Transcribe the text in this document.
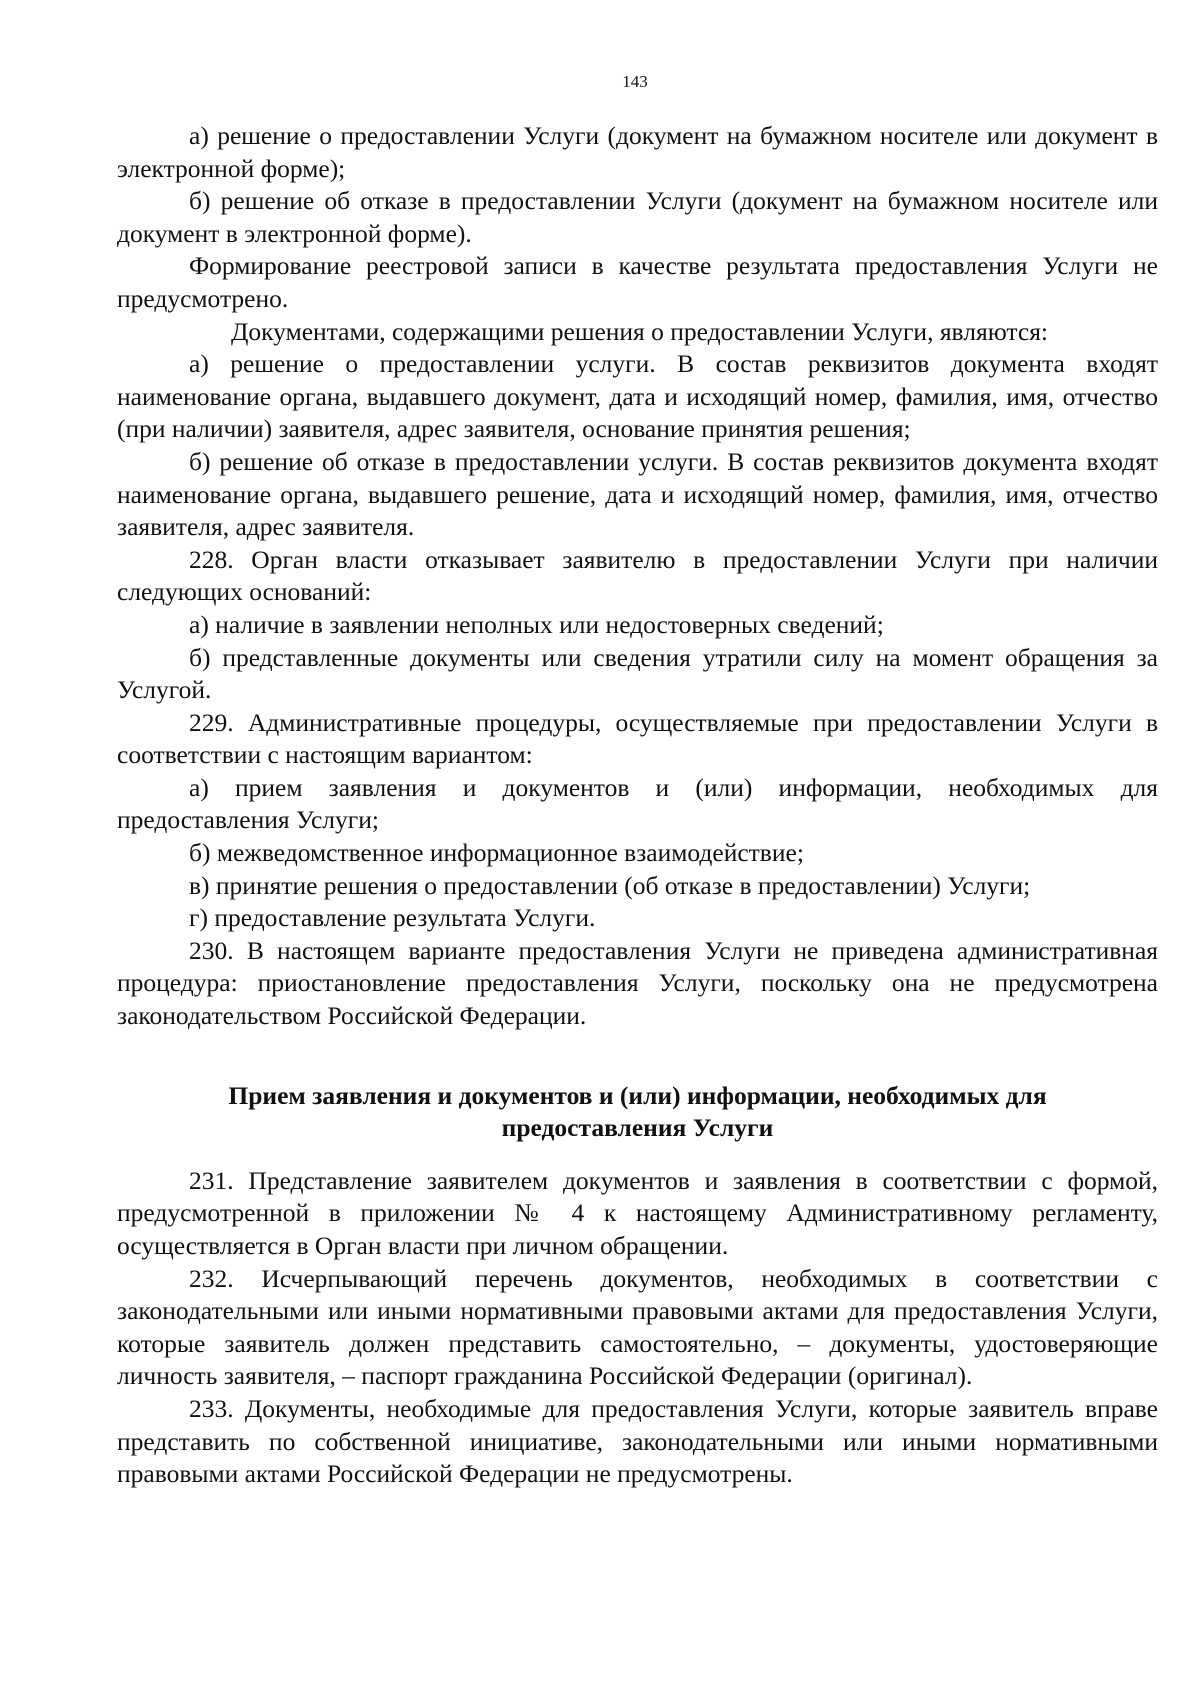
143

а) решение о предоставлении Услуги (документ на бумажном носителе или документ в электронной форме);

б) решение об отказе в предоставлении Услуги (документ на бумажном носителе или документ в электронной форме).

Формирование реестровой записи в качестве результата предоставления Услуги не предусмотрено.

Документами, содержащими решения о предоставлении Услуги, являются:

а) решение о предоставлении услуги. В состав реквизитов документа входят наименование органа, выдавшего документ, дата и исходящий номер, фамилия, имя, отчество (при наличии) заявителя, адрес заявителя, основание принятия решения;

б) решение об отказе в предоставлении услуги. В состав реквизитов документа входят наименование органа, выдавшего решение, дата и исходящий номер, фамилия, имя, отчество заявителя, адрес заявителя.

228. Орган власти отказывает заявителю в предоставлении Услуги при наличии следующих оснований:

а) наличие в заявлении неполных или недостоверных сведений;

б) представленные документы или сведения утратили силу на момент обращения за Услугой.

229. Административные процедуры, осуществляемые при предоставлении Услуги в соответствии с настоящим вариантом:

а) прием заявления и документов и (или) информации, необходимых для предоставления Услуги;

б) межведомственное информационное взаимодействие;

в) принятие решения о предоставлении (об отказе в предоставлении) Услуги;

г) предоставление результата Услуги.

230. В настоящем варианте предоставления Услуги не приведена административная процедура: приостановление предоставления Услуги, поскольку она не предусмотрена законодательством Российской Федерации.

Прием заявления и документов и (или) информации, необходимых для предоставления Услуги

231. Представление заявителем документов и заявления в соответствии с формой, предусмотренной в приложении № 4 к настоящему Административному регламенту, осуществляется в Орган власти при личном обращении.

232. Исчерпывающий перечень документов, необходимых в соответствии с законодательными или иными нормативными правовыми актами для предоставления Услуги, которые заявитель должен представить самостоятельно, – документы, удостоверяющие личность заявителя, – паспорт гражданина Российской Федерации (оригинал).

233. Документы, необходимые для предоставления Услуги, которые заявитель вправе представить по собственной инициативе, законодательными или иными нормативными правовыми актами Российской Федерации не предусмотрены.
